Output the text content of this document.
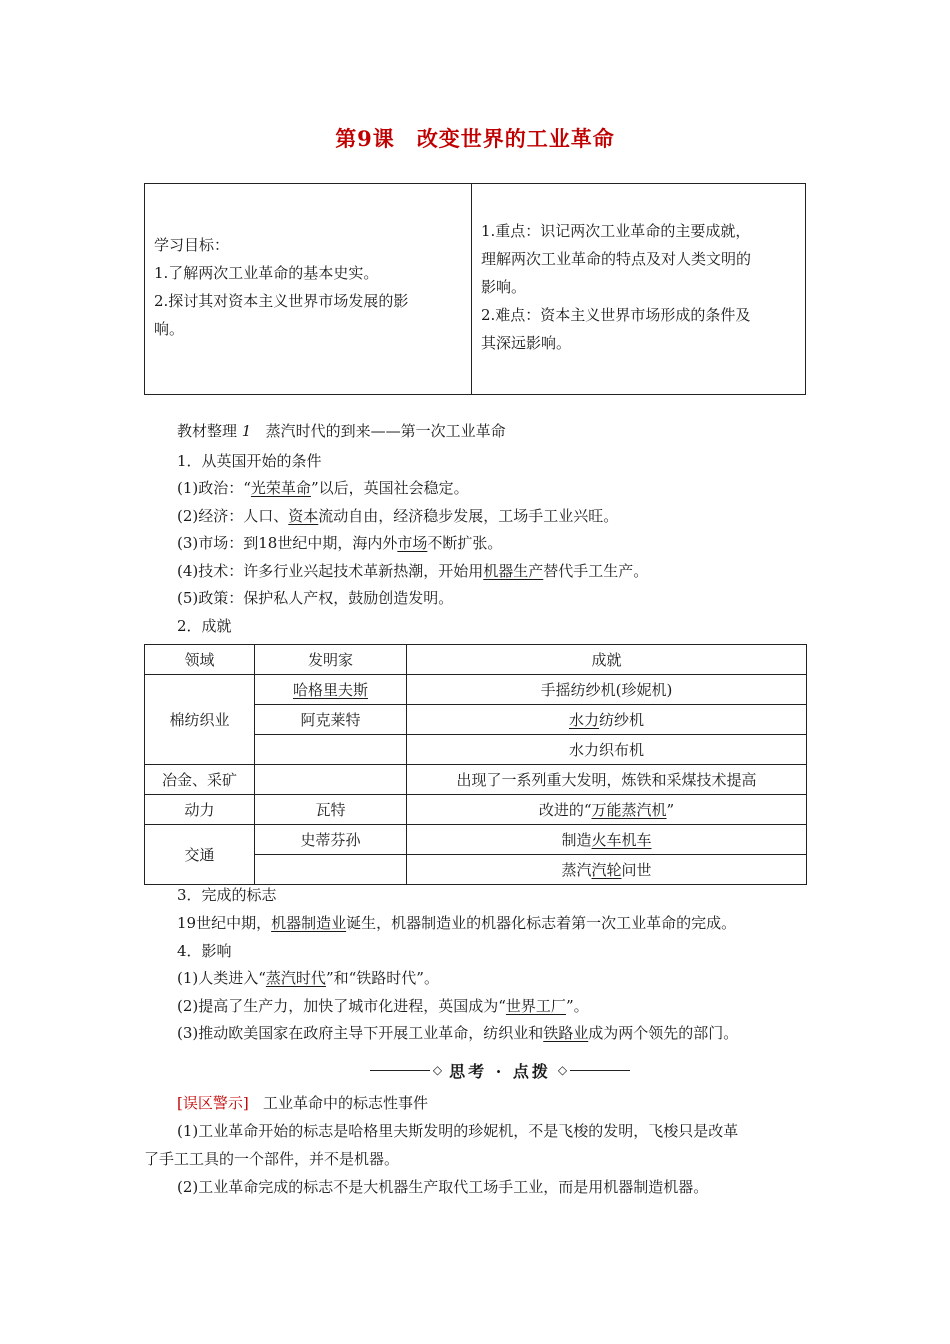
第9课 改变世界的工业革命

学习目标：

1.了解两次工业革命的基本史实。

2.探讨其对资本主义世界市场发展的影

响。

1.重点：识记两次工业革命的主要成就，

理解两次工业革命的特点及对人类文明的

影响。

2.难点：资本主义世界市场形成的条件及

其深远影响。

教材整理 1 蒸汽时代的到来——第一次工业革命

1．从英国开始的条件

(1)政治：“光荣革命”以后，英国社会稳定。

(2)经济：人口、资本流动自由，经济稳步发展，工场手工业兴旺。

(3)市场：到18世纪中期，海内外市场不断扩张。

(4)技术：许多行业兴起技术革新热潮，开始用机器生产替代手工生产。

(5)政策：保护私人产权，鼓励创造发明。

2．成就

领域	发明家	成就
棉纺织业	哈格里夫斯	手摇纺纱机(珍妮机)
	阿克莱特	水力纺纱机
		水力织布机
冶金、采矿		出现了一系列重大发明，炼铁和采煤技术提高
动力	瓦特	改进的“万能蒸汽机”
交通	史蒂芬孙	制造火车机车
		蒸汽汽轮问世

3．完成的标志

19世纪中期，机器制造业诞生，机器制造业的机器化标志着第一次工业革命的完成。

4．影响

(1)人类进入“蒸汽时代”和“铁路时代”。

(2)提高了生产力，加快了城市化进程，英国成为“世界工厂”。

(3)推动欧美国家在政府主导下开展工业革命，纺织业和铁路业成为两个领先的部门。

◇ 思考 · 点拨 ◇

[误区警示] 工业革命中的标志性事件

(1)工业革命开始的标志是哈格里夫斯发明的珍妮机，不是飞梭的发明，飞梭只是改革

了手工工具的一个部件，并不是机器。

(2)工业革命完成的标志不是大机器生产取代工场手工业，而是用机器制造机器。
